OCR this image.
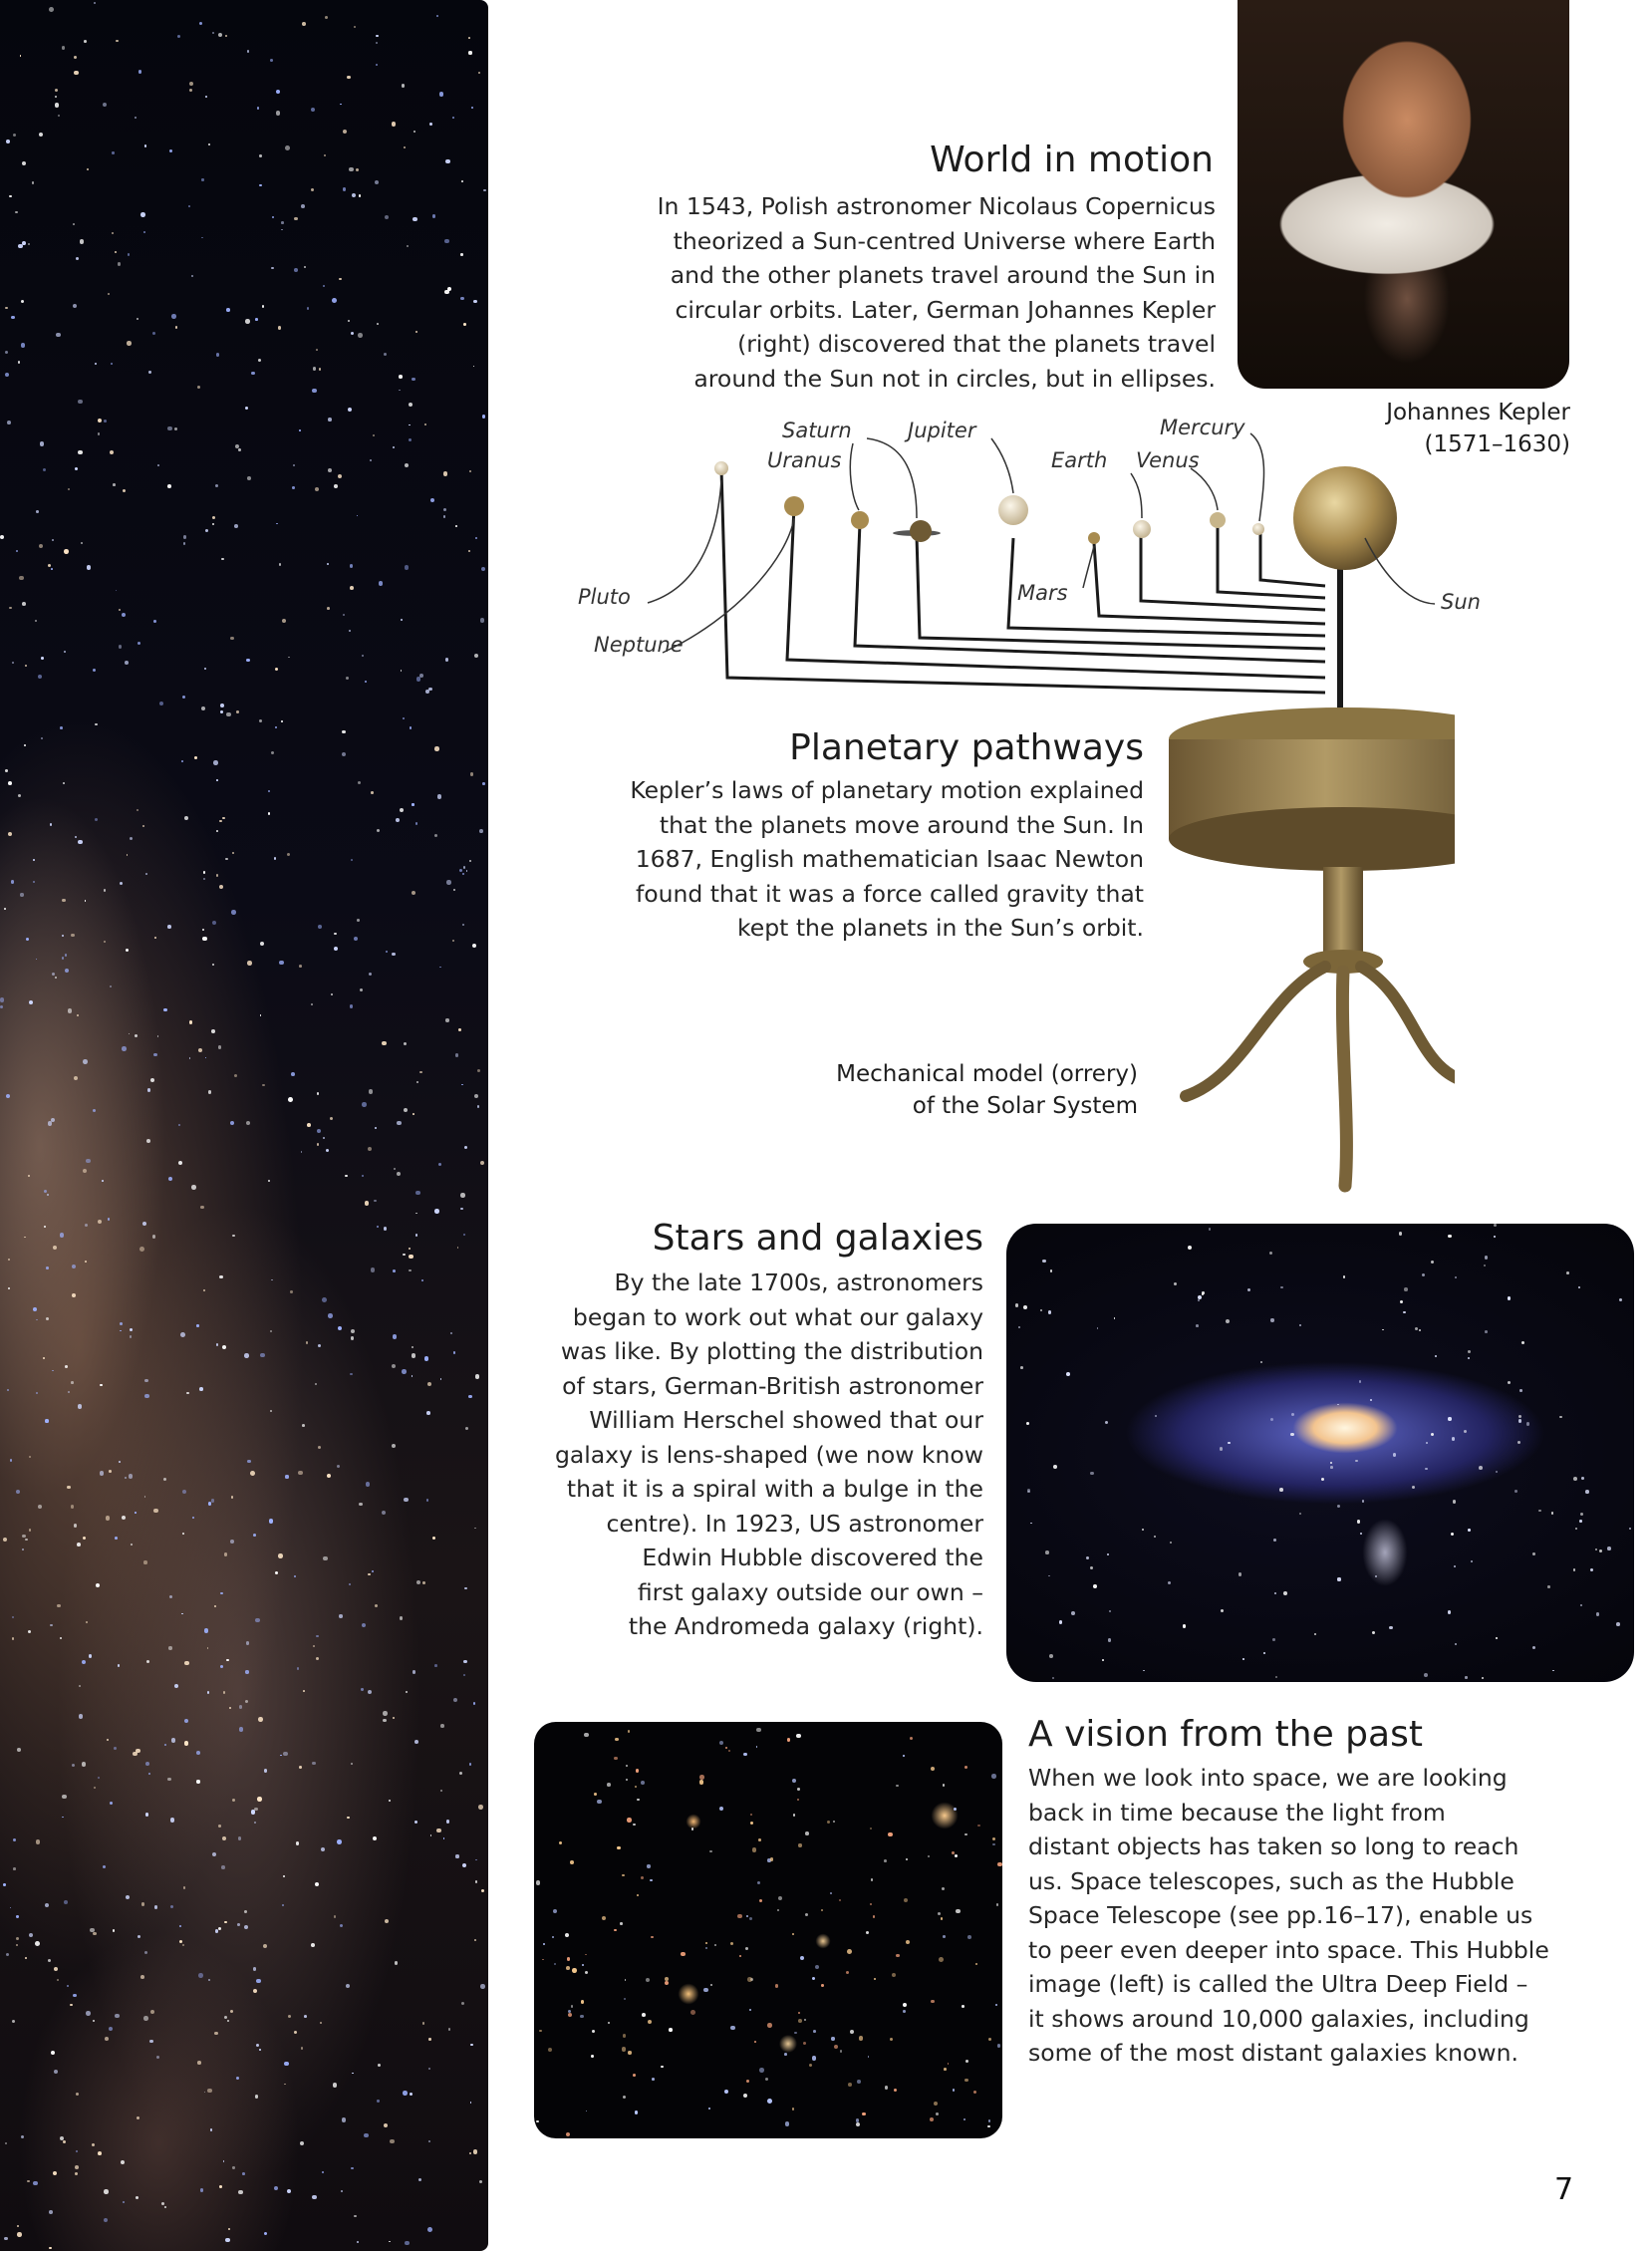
World in motion
In 1543, Polish astronomer Nicolaus Copernicus
theorized a Sun-centred Universe where Earth
and the other planets travel around the Sun in
circular orbits. Later, German Johannes Kepler
(right) discovered that the planets travel
around the Sun not in circles, but in ellipses.
Johannes Kepler
(1571–1630)
Saturn	Jupiter	Mercury
Uranus	Earth Venus
Pluto	Mars	Sun
Neptune
Planetary pathways
Kepler’s laws of planetary motion explained
that the planets move around the Sun. In
1687, English mathematician Isaac Newton
found that it was a force called gravity that
kept the planets in the Sun’s orbit.
Mechanical model (orrery)
of the Solar System
Stars and galaxies
By the late 1700s, astronomers
began to work out what our galaxy
was like. By plotting the distribution
of stars, German-British astronomer
William Herschel showed that our
galaxy is lens-shaped (we now know
that it is a spiral with a bulge in the
centre). In 1923, US astronomer
Edwin Hubble discovered the
first galaxy outside our own –
the Andromeda galaxy (right).
A vision from the past
When we look into space, we are looking
back in time because the light from
distant objects has taken so long to reach
us. Space telescopes, such as the Hubble
Space Telescope (see pp.16–17), enable us
to peer even deeper into space. This Hubble
image (left) is called the Ultra Deep Field –
it shows around 10,000 galaxies, including
some of the most distant galaxies known.
7
